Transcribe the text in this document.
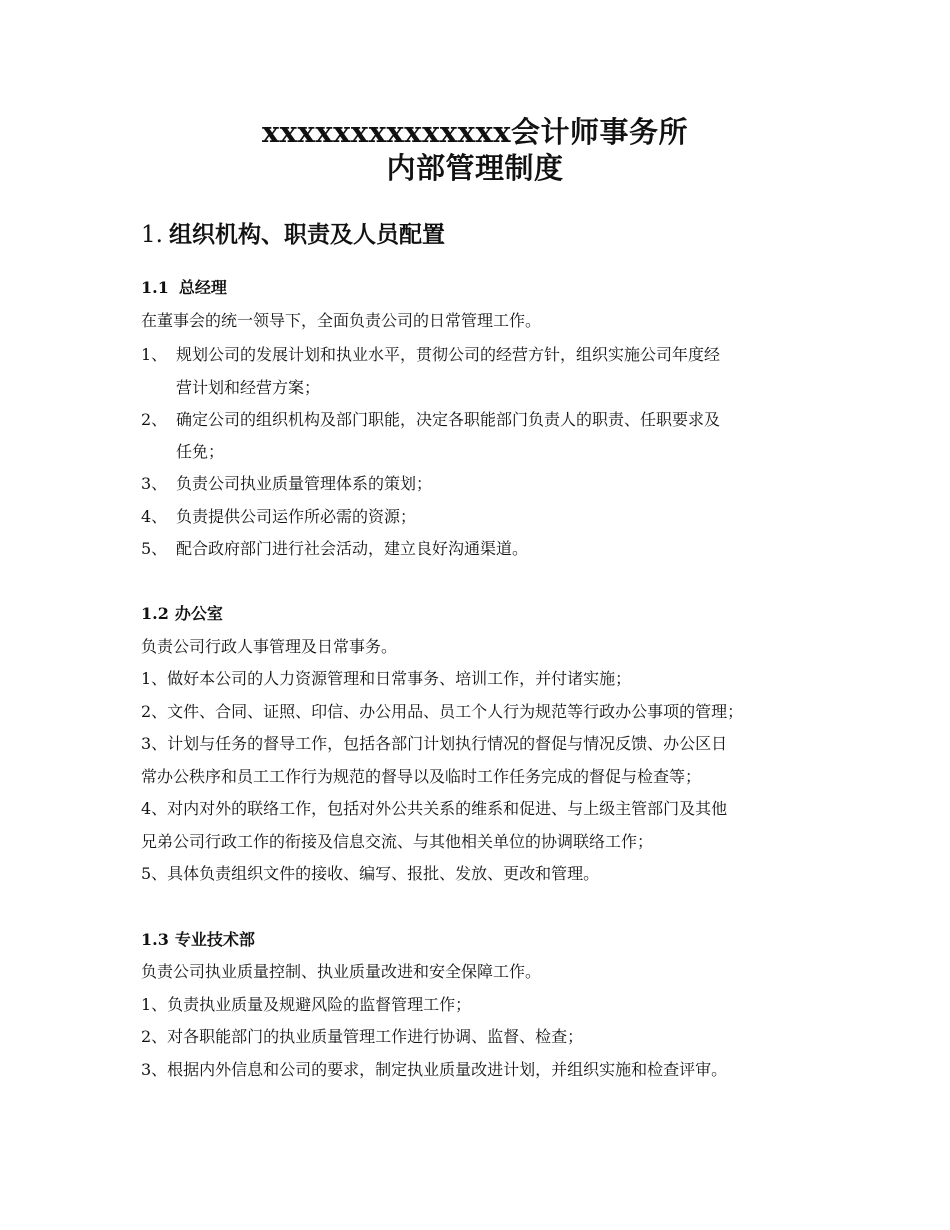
xxxxxxxxxxxxxx会计师事务所
内部管理制度
1. 组织机构、职责及人员配置
1.1 总经理
在董事会的统一领导下，全面负责公司的日常管理工作。
1、 规划公司的发展计划和执业水平，贯彻公司的经营方针，组织实施公司年度经
营计划和经营方案；
2、 确定公司的组织机构及部门职能，决定各职能部门负责人的职责、任职要求及
任免；
3、 负责公司执业质量管理体系的策划；
4、 负责提供公司运作所必需的资源；
5、 配合政府部门进行社会活动，建立良好沟通渠道。
1.2 办公室
负责公司行政人事管理及日常事务。
1、做好本公司的人力资源管理和日常事务、培训工作，并付诸实施；
2、文件、合同、证照、印信、办公用品、员工个人行为规范等行政办公事项的管理；
3、计划与任务的督导工作，包括各部门计划执行情况的督促与情况反馈、办公区日
常办公秩序和员工工作行为规范的督导以及临时工作任务完成的督促与检查等；
4、对内对外的联络工作，包括对外公共关系的维系和促进、与上级主管部门及其他
兄弟公司行政工作的衔接及信息交流、与其他相关单位的协调联络工作；
5、具体负责组织文件的接收、编写、报批、发放、更改和管理。
1.3 专业技术部
负责公司执业质量控制、执业质量改进和安全保障工作。
1、负责执业质量及规避风险的监督管理工作；
2、对各职能部门的执业质量管理工作进行协调、监督、检查；
3、根据内外信息和公司的要求，制定执业质量改进计划，并组织实施和检查评审。
